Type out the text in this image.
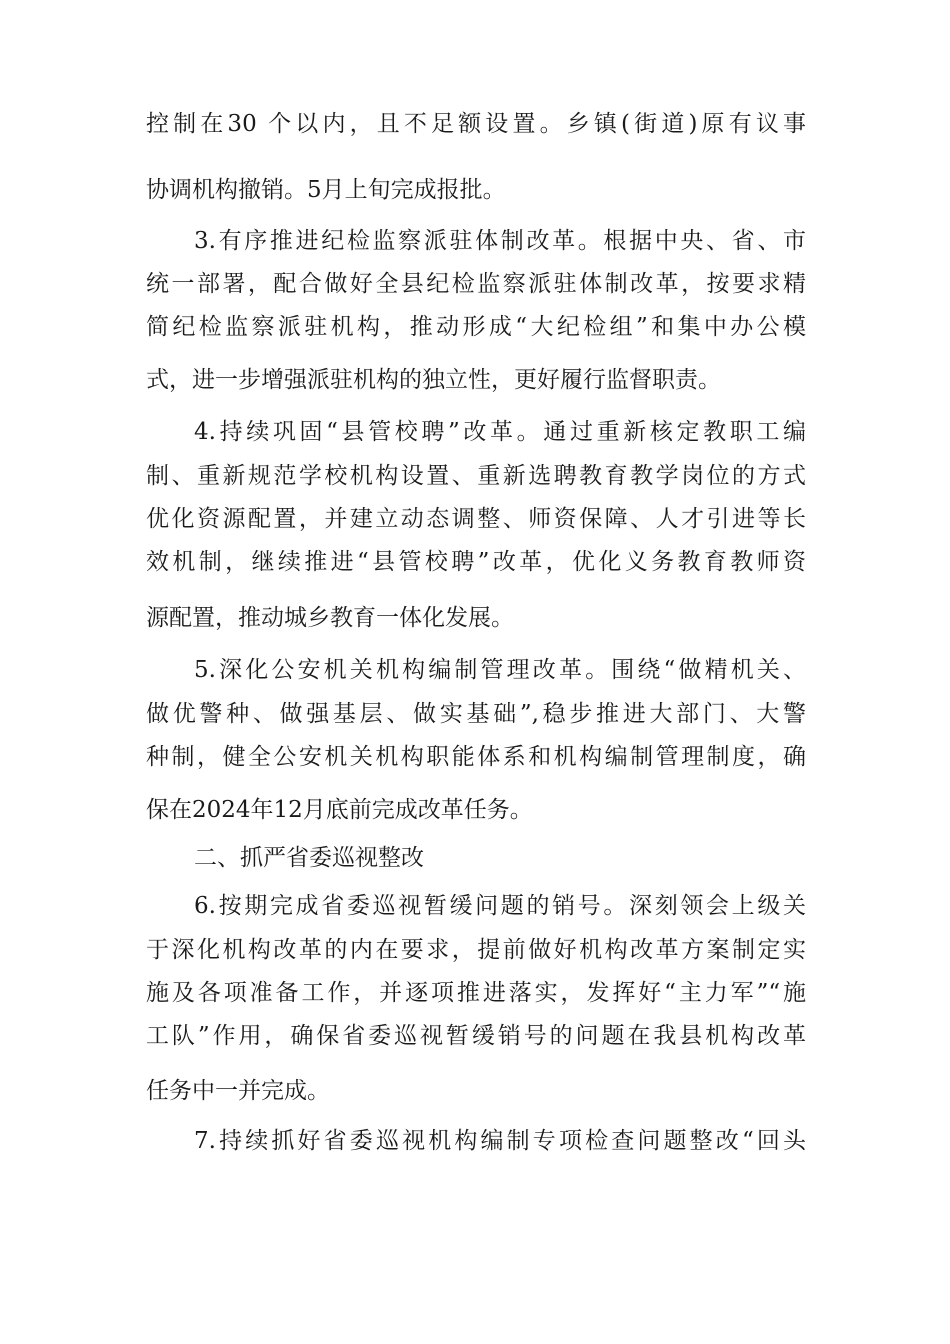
控制在30 个以内，且不足额设置。乡镇(街道)原有议事
协调机构撤销。5月上旬完成报批。
3.有序推进纪检监察派驻体制改革。根据中央、省、市
统一部署，配合做好全县纪检监察派驻体制改革，按要求精
简纪检监察派驻机构，推动形成“大纪检组”和集中办公模
式，进一步增强派驻机构的独立性，更好履行监督职责。
4.持续巩固“县管校聘”改革。通过重新核定教职工编
制、重新规范学校机构设置、重新选聘教育教学岗位的方式
优化资源配置，并建立动态调整、师资保障、人才引进等长
效机制，继续推进“县管校聘”改革，优化义务教育教师资
源配置，推动城乡教育一体化发展。
5.深化公安机关机构编制管理改革。围绕“做精机关、
做优警种、做强基层、做实基础”,稳步推进大部门、大警
种制，健全公安机关机构职能体系和机构编制管理制度，确
保在2024年12月底前完成改革任务。
二、抓严省委巡视整改
6.按期完成省委巡视暂缓问题的销号。深刻领会上级关
于深化机构改革的内在要求，提前做好机构改革方案制定实
施及各项准备工作，并逐项推进落实，发挥好“主力军”“施
工队”作用，确保省委巡视暂缓销号的问题在我县机构改革
任务中一并完成。
7.持续抓好省委巡视机构编制专项检查问题整改“回头
